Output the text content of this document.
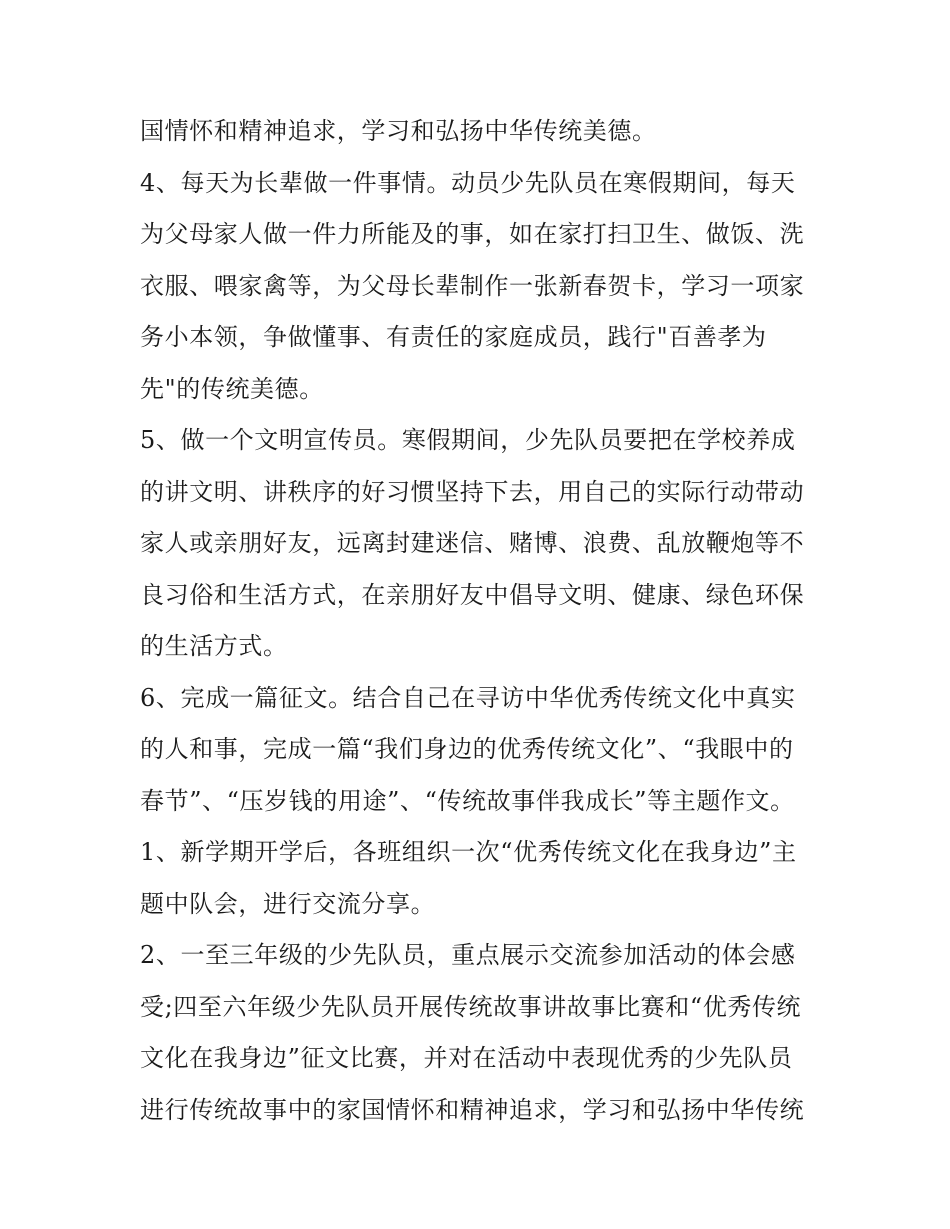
国情怀和精神追求，学习和弘扬中华传统美德。
4、每天为长辈做一件事情。动员少先队员在寒假期间，每天
为父母家人做一件力所能及的事，如在家打扫卫生、做饭、洗
衣服、喂家禽等，为父母长辈制作一张新春贺卡，学习一项家
务小本领，争做懂事、有责任的家庭成员，践行"百善孝为
先"的传统美德。
5、做一个文明宣传员。寒假期间，少先队员要把在学校养成
的讲文明、讲秩序的好习惯坚持下去，用自己的实际行动带动
家人或亲朋好友，远离封建迷信、赌博、浪费、乱放鞭炮等不
良习俗和生活方式，在亲朋好友中倡导文明、健康、绿色环保
的生活方式。
6、完成一篇征文。结合自己在寻访中华优秀传统文化中真实
的人和事，完成一篇“我们身边的优秀传统文化”、“我眼中的
春节”、“压岁钱的用途”、“传统故事伴我成长”等主题作文。
1、新学期开学后，各班组织一次“优秀传统文化在我身边”主
题中队会，进行交流分享。
2、一至三年级的少先队员，重点展示交流参加活动的体会感
受;四至六年级少先队员开展传统故事讲故事比赛和“优秀传统
文化在我身边”征文比赛，并对在活动中表现优秀的少先队员
进行传统故事中的家国情怀和精神追求，学习和弘扬中华传统
